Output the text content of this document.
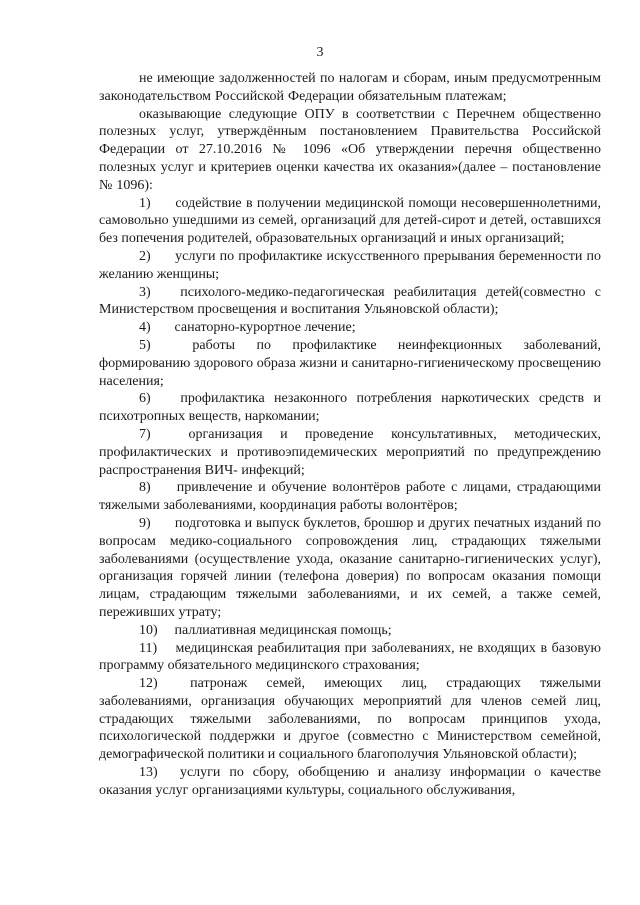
3

не имеющие задолженностей по налогам и сборам, иным предусмотренным законодательством Российской Федерации обязательным платежам;

оказывающие следующие ОПУ в соответствии с Перечнем общественно полезных услуг, утверждённым постановлением Правительства Российской Федерации от 27.10.2016 № 1096 «Об утверждении перечня общественно полезных услуг и критериев оценки качества их оказания»(далее – постановление № 1096):

1) содействие в получении медицинской помощи несовершеннолетними, самовольно ушедшими из семей, организаций для детей-сирот и детей, оставшихся без попечения родителей, образовательных организаций и иных организаций;

2) услуги по профилактике искусственного прерывания беременности по желанию женщины;

3) психолого-медико-педагогическая реабилитация детей(совместно с Министерством просвещения и воспитания Ульяновской области);

4) санаторно-курортное лечение;

5)	работы по профилактике неинфекционных заболеваний, формированию здорового образа жизни и санитарно-гигиеническому просвещению населения;

6) профилактика незаконного потребления наркотических средств и психотропных веществ, наркомании;

7)	организация и проведение консультативных, методических, профилактических и противоэпидемических мероприятий по предупреждению распространения ВИЧ- инфекций;

8) привлечение и обучение волонтёров работе с лицами, страдающими тяжелыми заболеваниями, координация работы волонтёров;

9) подготовка и выпуск буклетов, брошюр и других печатных изданий по вопросам медико-социального сопровождения лиц, страдающих тяжелыми заболеваниями (осуществление ухода, оказание санитарно-гигиенических услуг), организация горячей линии (телефона доверия) по вопросам оказания помощи лицам, страдающим тяжелыми заболеваниями, и их семей, а также семей, переживших утрату;

10) паллиативная медицинская помощь;

11) медицинская реабилитация при заболеваниях, не входящих в базовую программу обязательного медицинского страхования;

12) патронаж семей, имеющих лиц, страдающих тяжелыми заболеваниями, организация обучающих мероприятий для членов семей лиц, страдающих тяжелыми заболеваниями, по вопросам принципов ухода, психологической поддержки и другое (совместно с Министерством семейной, демографической политики и социального благополучия Ульяновской области);

13) услуги по сбору, обобщению и анализу информации о качестве оказания услуг организациями культуры, социального обслуживания,
